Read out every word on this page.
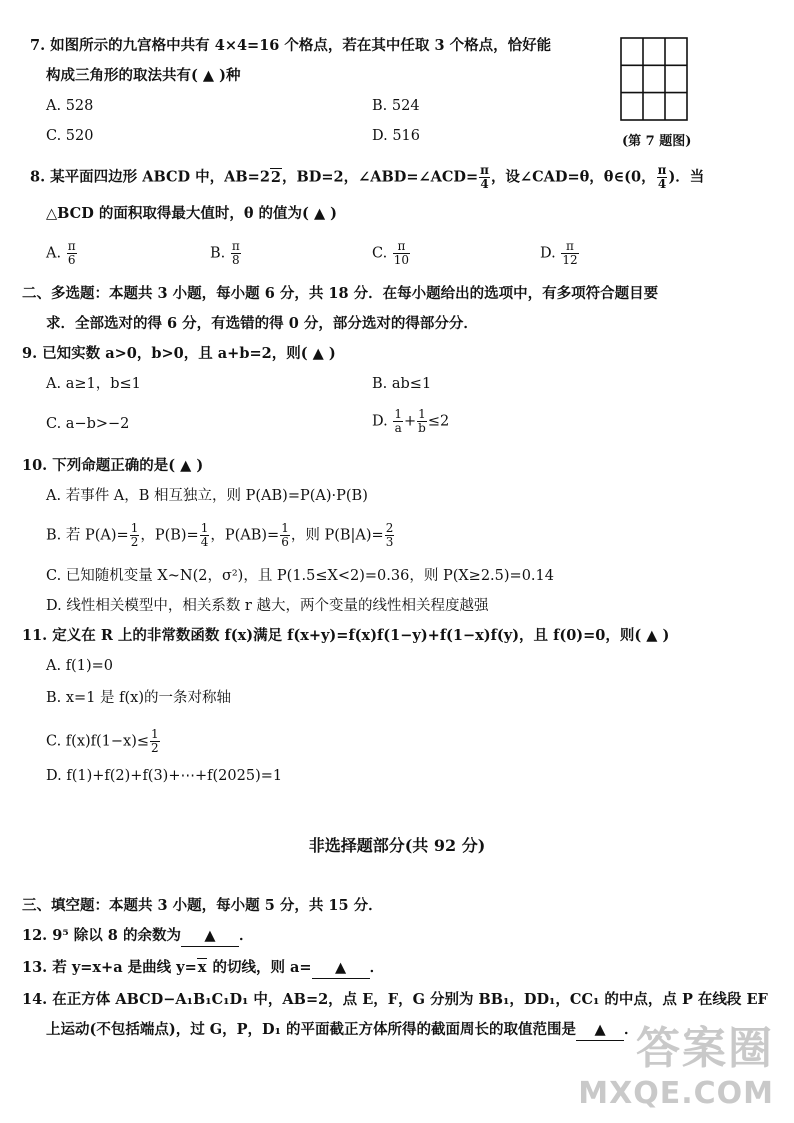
7. 如图所示的九宫格中共有 4×4=16 个格点，若在其中任取 3 个格点，恰好能
构成三角形的取法共有( ▲ )种
A. 528	B. 524
C. 520	D. 516	(第 7 题图)
8. 某平面四边形 ABCD 中，AB=22，BD=2，∠ABD=∠ACD= $\frac{\pi}{4}$ ，设∠CAD=θ，θ∈(0， $\frac{\pi}{4}$ )．当
△BCD 的面积取得最大值时，θ 的值为( ▲ )
A. $\frac{\pi}{6}$	B. $\frac{\pi}{8}$	C. $\frac{\pi}{10}$	D. $\frac{\pi}{12}$
二、多选题：本题共 3 小题，每小题 6 分，共 18 分．在每小题给出的选项中，有多项符合题目要
求．全部选对的得 6 分，有选错的得 0 分，部分选对的得部分分．
9. 已知实数 a>0，b>0，且 a+b=2，则( ▲ )
A. a≥1，b≤1	B. ab≤1
C. a−b>−2	D. $\frac{1}{a} + \frac{1}{b} \le 2$
10. 下列命题正确的是( ▲ )
A. 若事件 A，B 相互独立，则 P(AB)=P(A)·P(B)
B. 若 $P(A)= \frac{1}{2}$ ，$P(B)= \frac{1}{4}$ ，$P(AB)= \frac{1}{6}$ ，则 $P(B|A)= \frac{2}{3}$
C. 已知随机变量 X~N(2，σ²)，且 P(1.5≤X<2)=0.36，则 P(X≥2.5)=0.14
D. 线性相关模型中，相关系数 r 越大，两个变量的线性相关程度越强
11. 定义在 R 上的非常数函数 f(x)满足 f(x+y)=f(x)f(1−y)+f(1−x)f(y)，且 f(0)=0，则( ▲ )
A. f(1)=0
B. x=1 是 f(x)的一条对称轴
C. $f(x)f(1-x)\le \frac{1}{2}$
D. f(1)+f(2)+f(3)+⋯+f(2025)=1
非选择题部分(共 92 分)
三、填空题：本题共 3 小题，每小题 5 分，共 15 分．
12. 9⁵ 除以 8 的余数为 ▲ ．
13. 若 y=x+a 是曲线 y=x 的切线，则 a= ▲ ．
14. 在正方体 ABCD−A₁B₁C₁D₁ 中，AB=2，点 E，F，G 分别为 BB₁，DD₁，CC₁ 的中点，点 P 在线段 EF
上运动(不包括端点)，过 G，P，D₁ 的平面截正方体所得的截面周长的取值范围是 ▲ ．
答案圈
MXQE.COM
